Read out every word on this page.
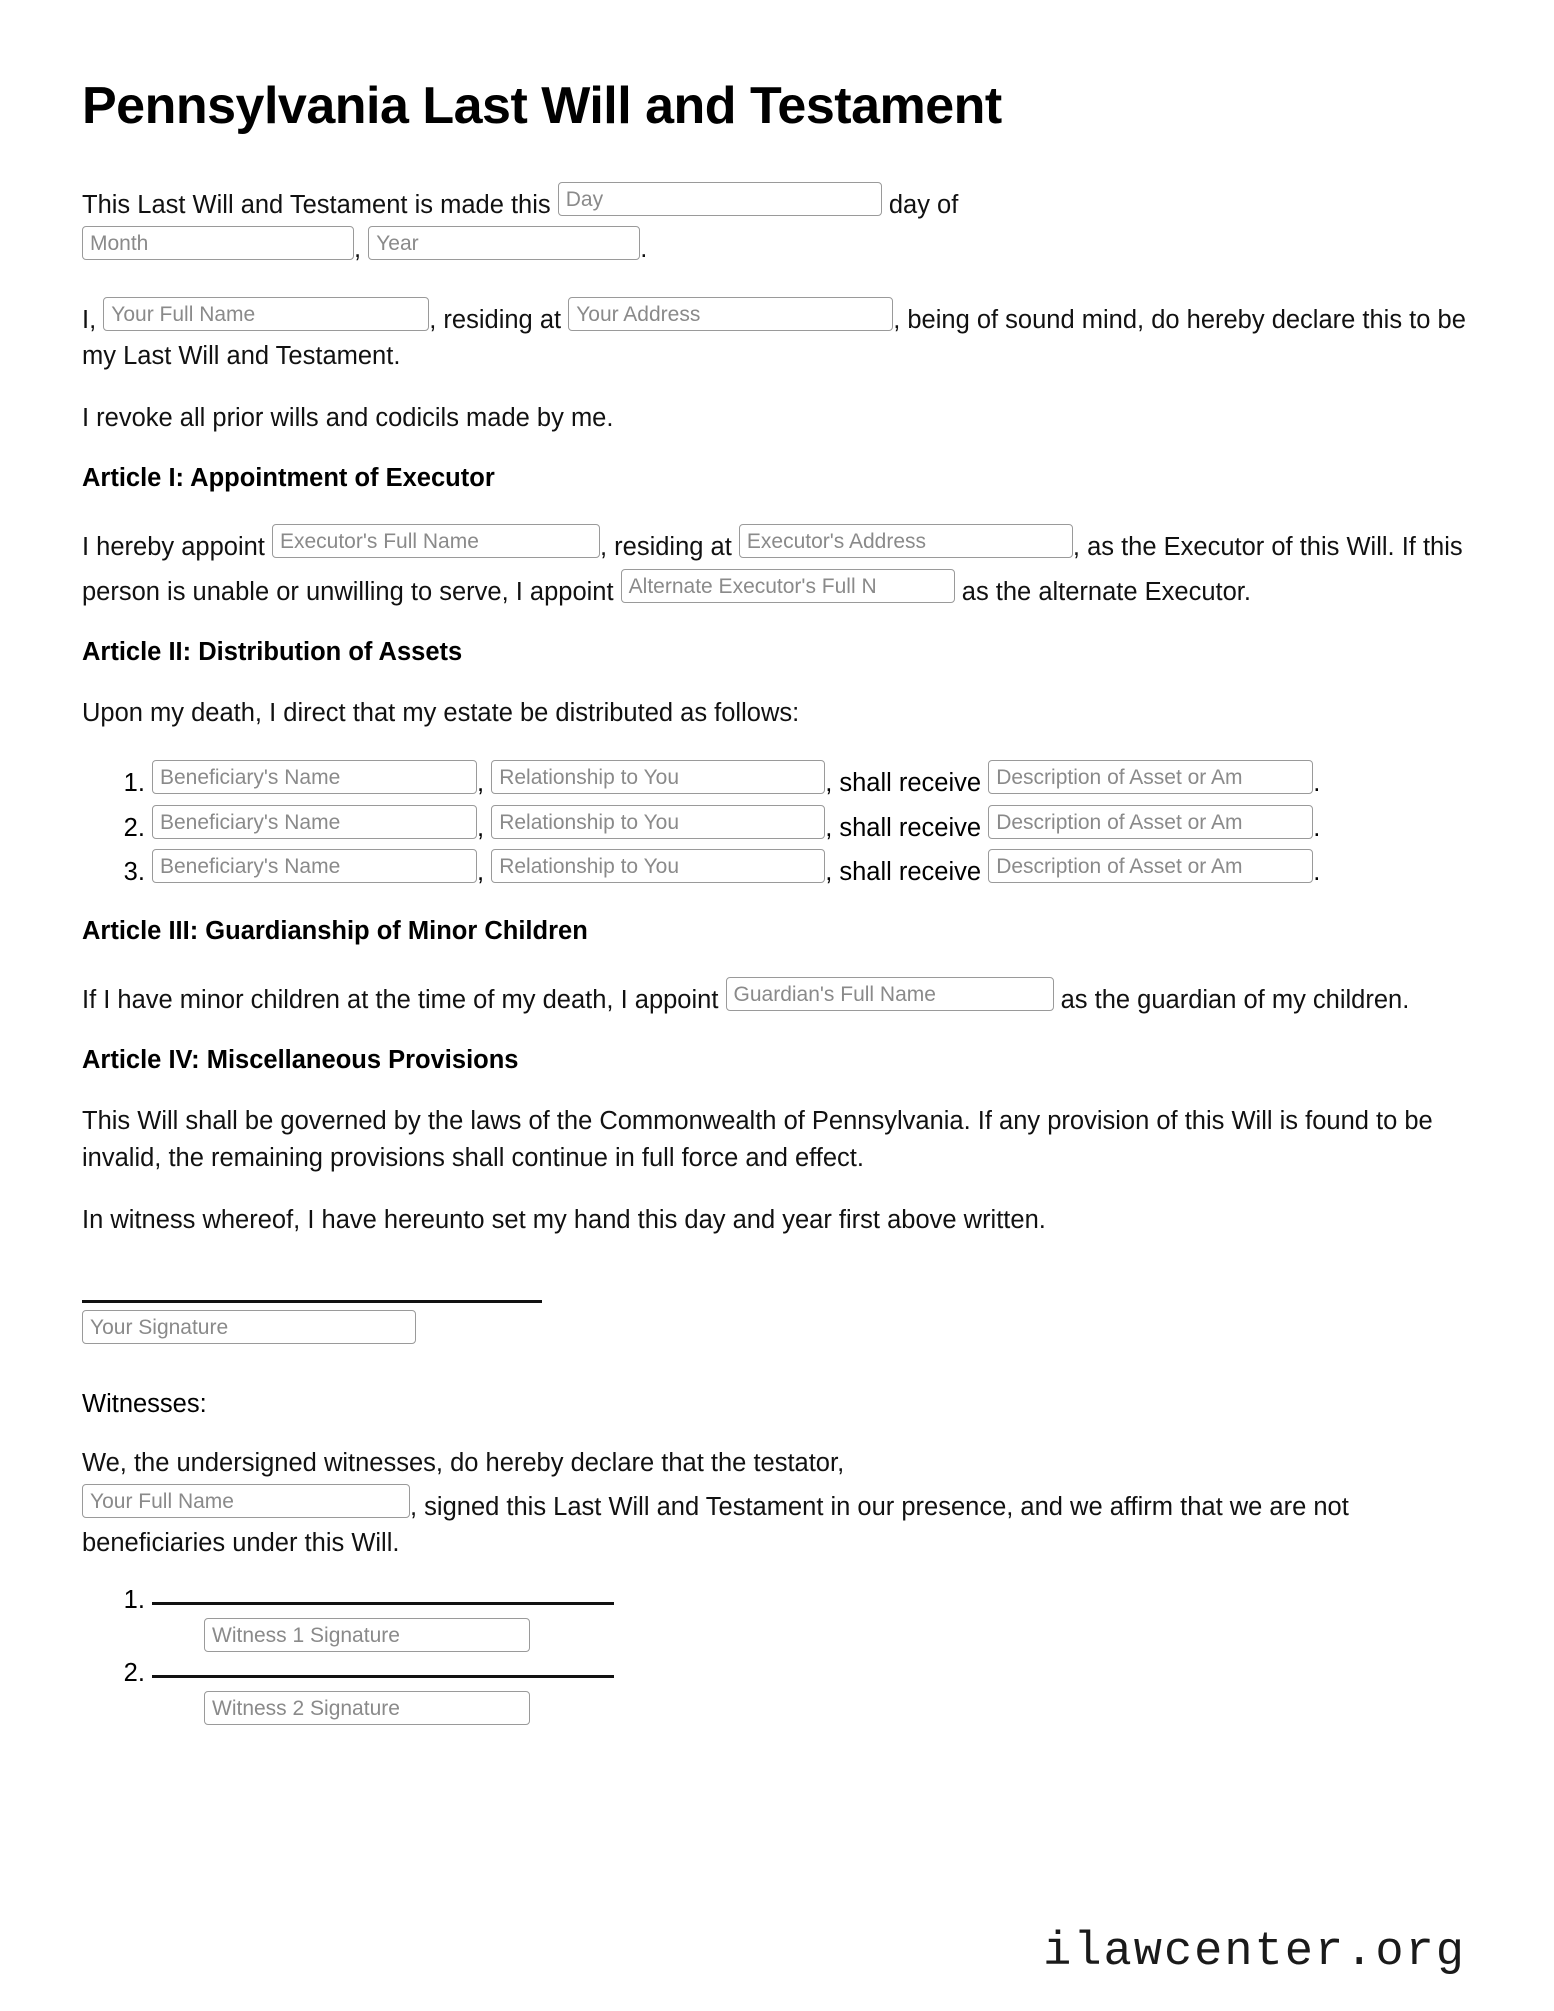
Pennsylvania Last Will and Testament

This Last Will and Testament is made this Day	day of
Month	, Year	.

I, Your Full Name	, residing at Your Address	, being of sound mind, do hereby declare this to be my Last Will and Testament.

I revoke all prior wills and codicils made by me.

Article I: Appointment of Executor

I hereby appoint Executor's Full Name	, residing at Executor's Address	, as the Executor of this Will. If this person is unable or unwilling to serve, I appoint Alternate Executor's Full N	as the alternate Executor.

Article II: Distribution of Assets

Upon my death, I direct that my estate be distributed as follows:

1. Beneficiary's Name	, Relationship to You	, shall receive Description of Asset or Am	.
2. Beneficiary's Name	, Relationship to You	, shall receive Description of Asset or Am	.
3. Beneficiary's Name	, Relationship to You	, shall receive Description of Asset or Am	.
Article III: Guardianship of Minor Children

If I have minor children at the time of my death, I appoint Guardian's Full Name	as the guardian of my children.

Article IV: Miscellaneous Provisions

This Will shall be governed by the laws of the Commonwealth of Pennsylvania. If any provision of this Will is found to be invalid, the remaining provisions shall continue in full force and effect.

In witness whereof, I have hereunto set my hand this day and year first above written.

Your Signature

Witnesses:

We, the undersigned witnesses, do hereby declare that the testator,
Your Full Name	, signed this Last Will and Testament in our presence, and we affirm that we are not beneficiaries under this Will.

1. Witness 1 Signature
2. Witness 2 Signature
ilawcenter.org
